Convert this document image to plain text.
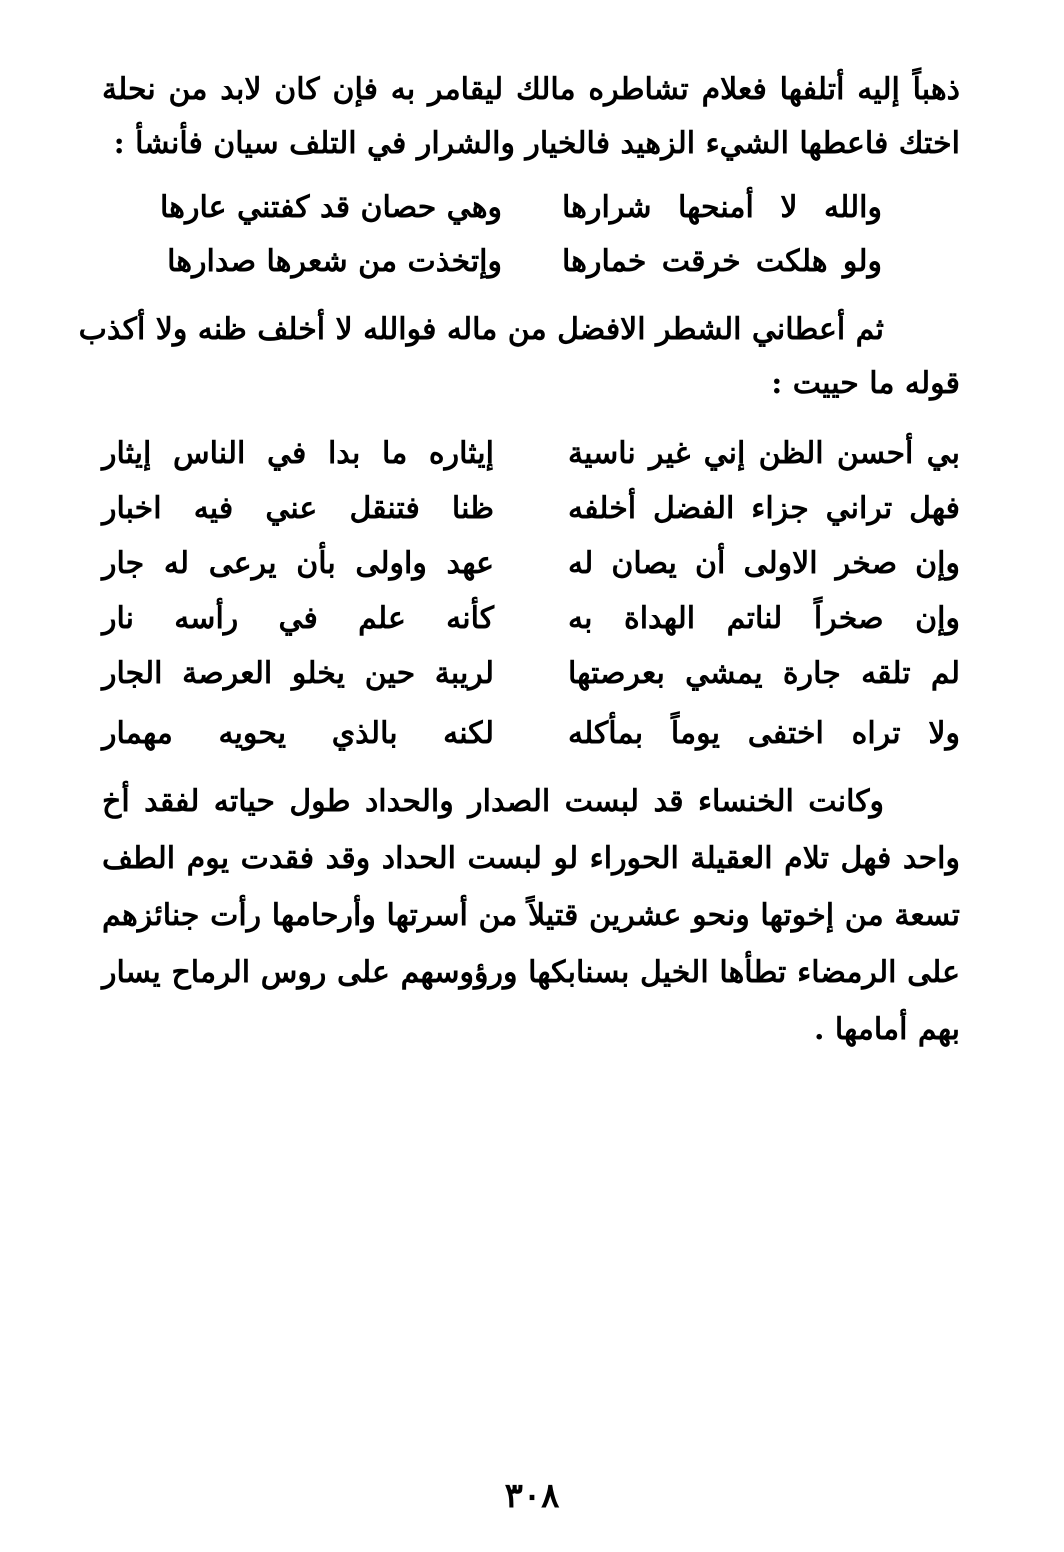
ذهباً إليه أتلفها فعلام تشاطره مالك ليقامر به فإن كان لابد من نحلة
اختك فاعطها الشيء الزهيد فالخيار والشرار في التلف سيان فأنشأ :
والله لا أمنحها شرارها
وهي حصان قد كفتني عارها
ولو هلكت خرقت خمارها
وإتخذت من شعرها صدارها
ثم أعطاني الشطر الافضل من ماله فوالله لا أخلف ظنه ولا أكذب
قوله ما حييت :
بي أحسن الظن إني غير ناسية
إيثاره ما بدا في الناس إيثار
فهل تراني جزاء الفضل أخلفه
ظنا فتنقل عني فيه اخبار
وإن صخر الاولى أن يصان له
عهد واولى بأن يرعى له جار
وإن صخراً لناتم الهداة به
كأنه علم في رأسه نار
لم تلقه جارة يمشي بعرصتها
لريبة حين يخلو العرصة الجار
ولا تراه اختفى يوماً بمأكله
لكنه بالذي يحويه مهمار
وكانت الخنساء قد لبست الصدار والحداد طول حياته لفقد أخ
واحد فهل تلام العقيلة الحوراء لو لبست الحداد وقد فقدت يوم الطف
تسعة من إخوتها ونحو عشرين قتيلاً من أسرتها وأرحامها رأت جنائزهم
على الرمضاء تطأها الخيل بسنابكها ورؤوسهم على روس الرماح يسار
بهم أمامها .
٣٠٨
